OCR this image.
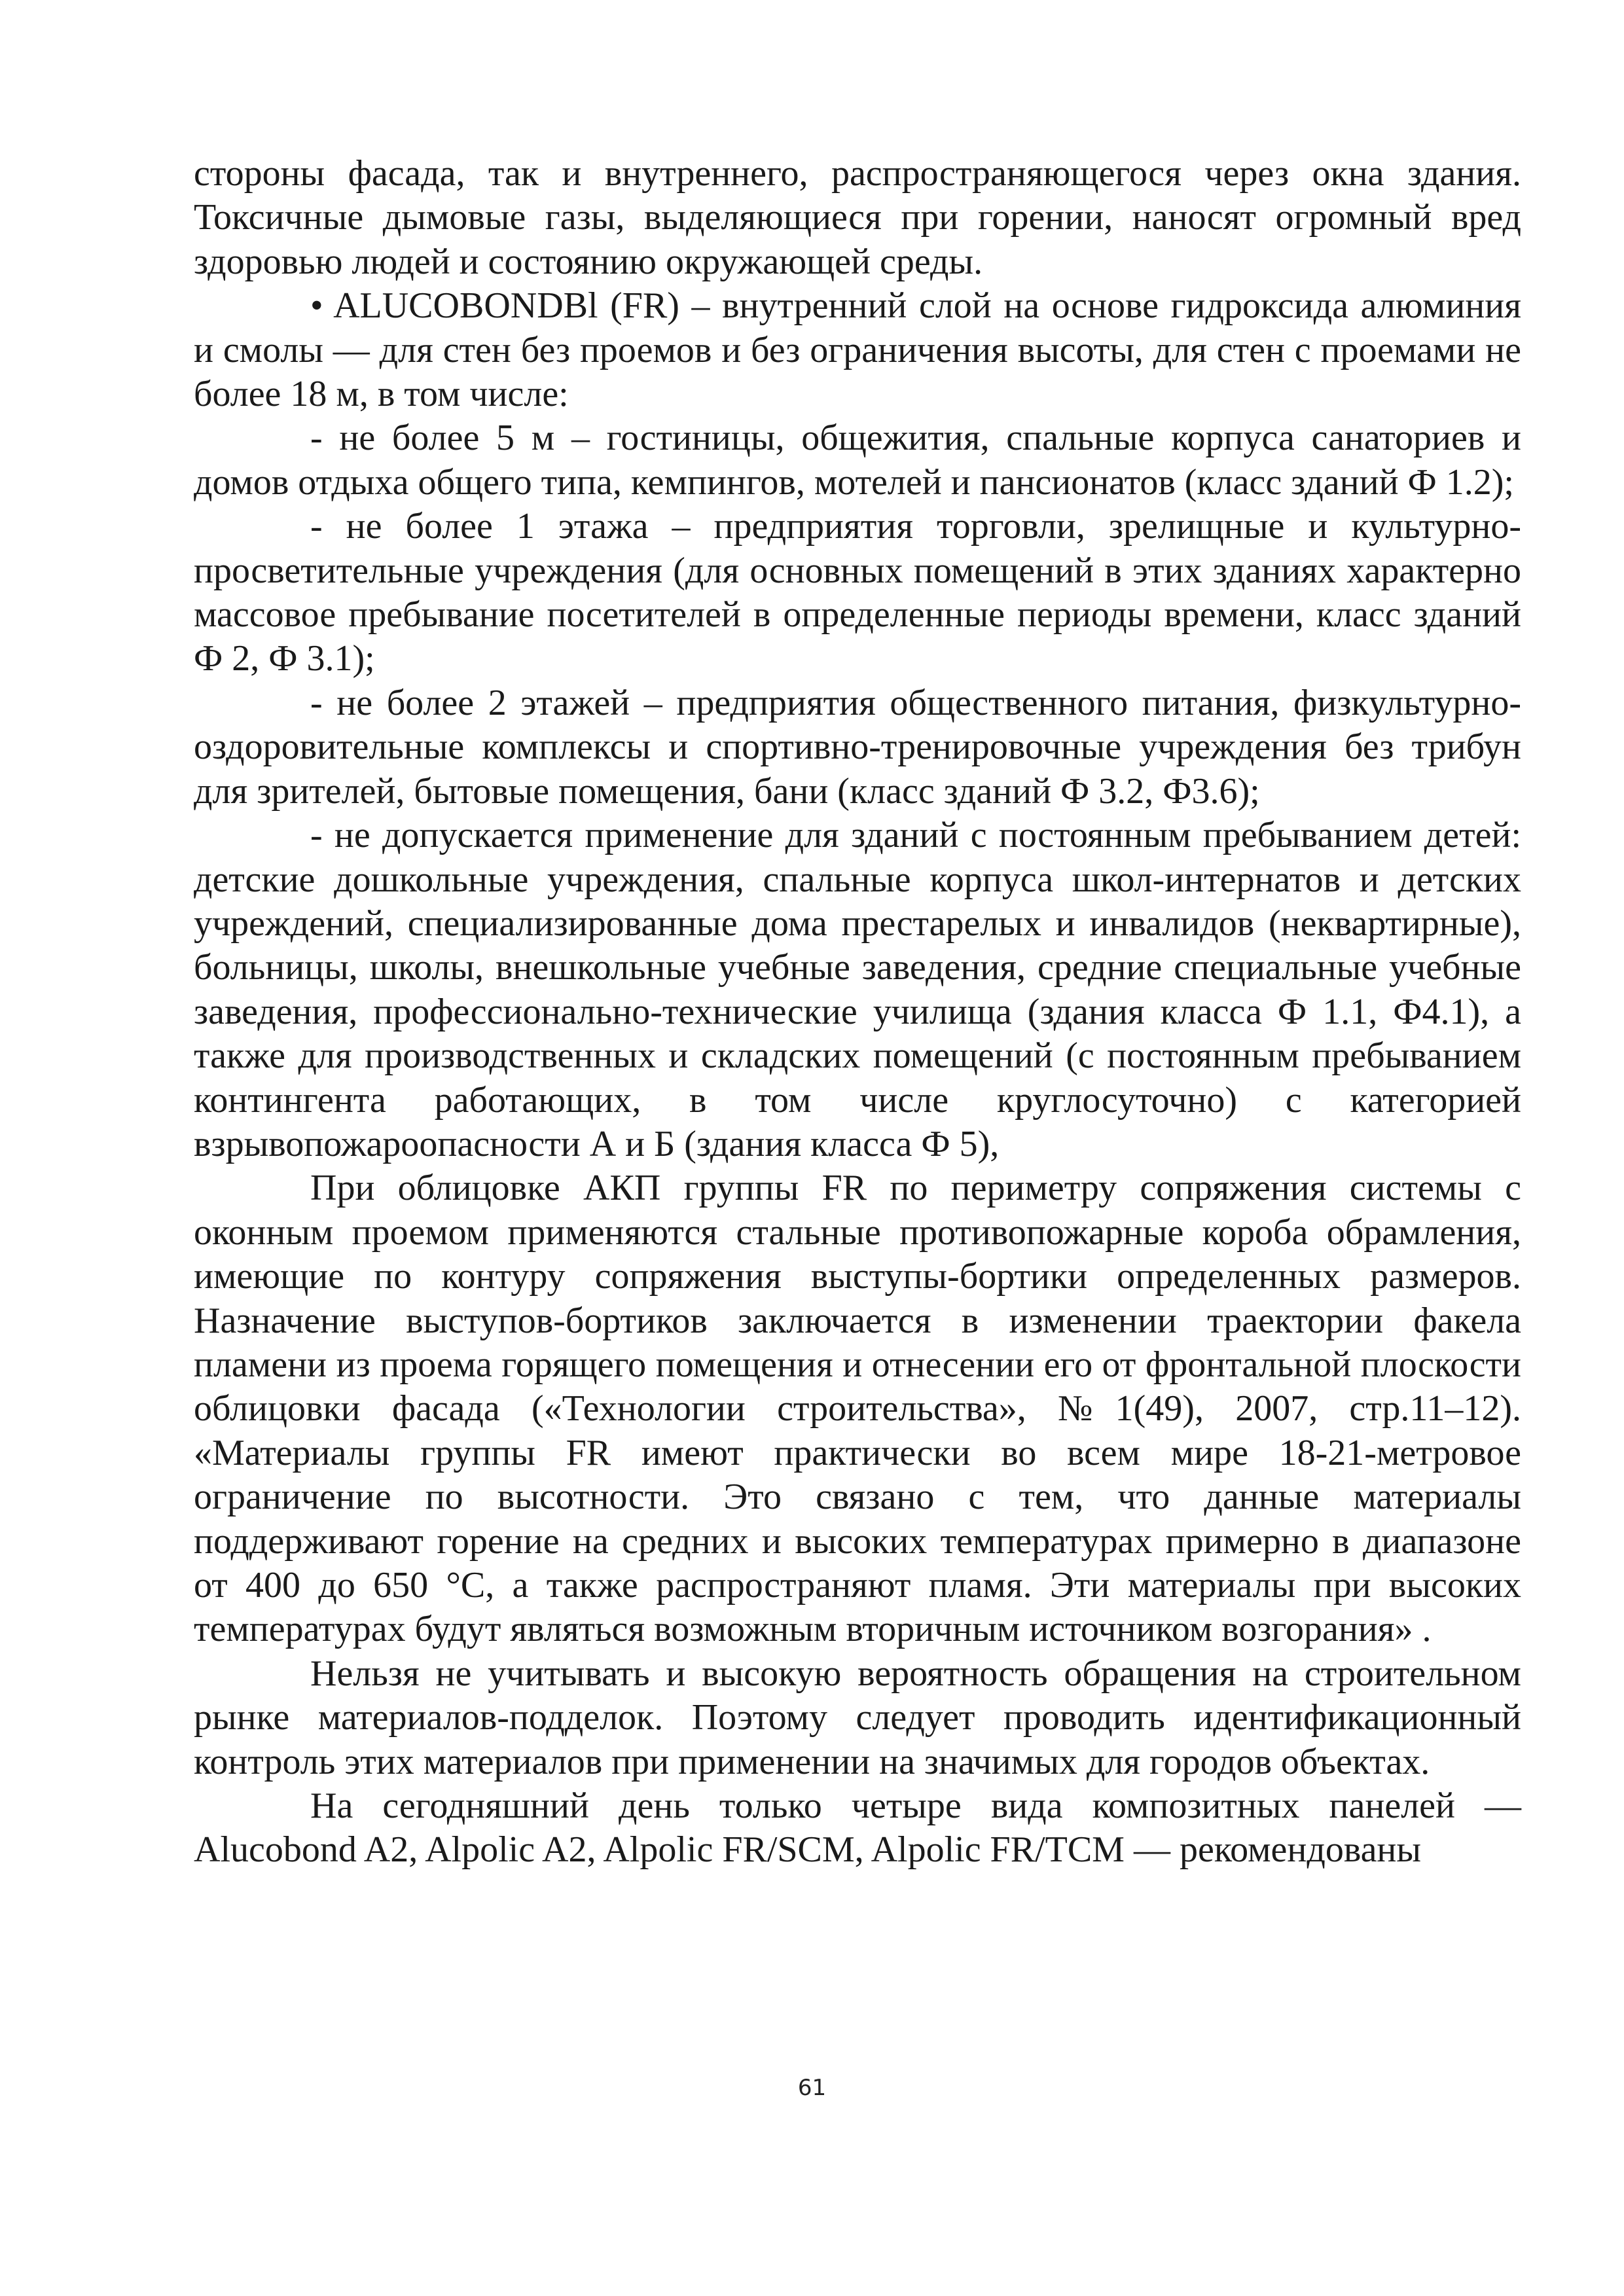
стороны фасада, так и внутреннего, распространяющегося через окна здания. Токсичные дымовые газы, выделяющиеся при горении, наносят огромный вред здоровью людей и состоянию окружающей среды.

• ALUCOBONDBl (FR) – внутренний слой на основе гидроксида алюминия и смолы — для стен без проемов и без ограничения высоты, для стен с проемами не более 18 м, в том числе:

- не более 5 м – гостиницы, общежития, спальные корпуса санаториев и домов отдыха общего типа, кемпингов, мотелей и пансионатов (класс зданий Ф 1.2);

- не более 1 этажа – предприятия торговли, зрелищные и культурно-просветительные учреждения (для основных помещений в этих зданиях характерно массовое пребывание посетителей в определенные периоды времени, класс зданий Ф 2, Ф 3.1);

- не более 2 этажей – предприятия общественного питания, физкультурно-оздоровительные комплексы и спортивно-тренировочные учреждения без трибун для зрителей, бытовые помещения, бани (класс зданий Ф 3.2, Ф3.6);

- не допускается применение для зданий с постоянным пребыванием детей: детские дошкольные учреждения, спальные корпуса школ-интернатов и детских учреждений, специализированные дома престарелых и инвалидов (неквартирные), больницы, школы, внешкольные учебные заведения, средние специальные учебные заведения, профессионально-технические училища (здания класса Ф 1.1, Ф4.1), а также для производственных и складских помещений (с постоянным пребыванием контингента работающих, в том числе круглосуточно) с категорией взрывопожароопасности А и Б (здания класса Ф 5),

При облицовке АКП группы FR по периметру сопряжения системы с оконным проемом применяются стальные противопожарные короба обрамления, имеющие по контуру сопряжения выступы-бортики определенных размеров. Назначение выступов-бортиков заключается в изменении траектории факела пламени из проема горящего помещения и отнесении его от фронтальной плоскости облицовки фасада («Технологии строительства», №1(49), 2007, стр.11–12). «Материалы группы FR имеют практически во всем мире 18-21-метровое ограничение по высотности. Это связано с тем, что данные материалы поддерживают горение на средних и высоких температурах примерно в диапазоне от 400 до 650 °С, а также распространяют пламя. Эти материалы при высоких температурах будут являться возможным вторичным источником возгорания» .

Нельзя не учитывать и высокую вероятность обращения на строительном рынке материалов-подделок. Поэтому следует проводить идентификационный контроль этих материалов при применении на значимых для городов объектах.

На сегодняшний день только четыре вида композитных панелей — Alucobond A2, Alpolic A2, Alpolic FR/SCM, Alpolic FR/TCM — рекомендованы

61
